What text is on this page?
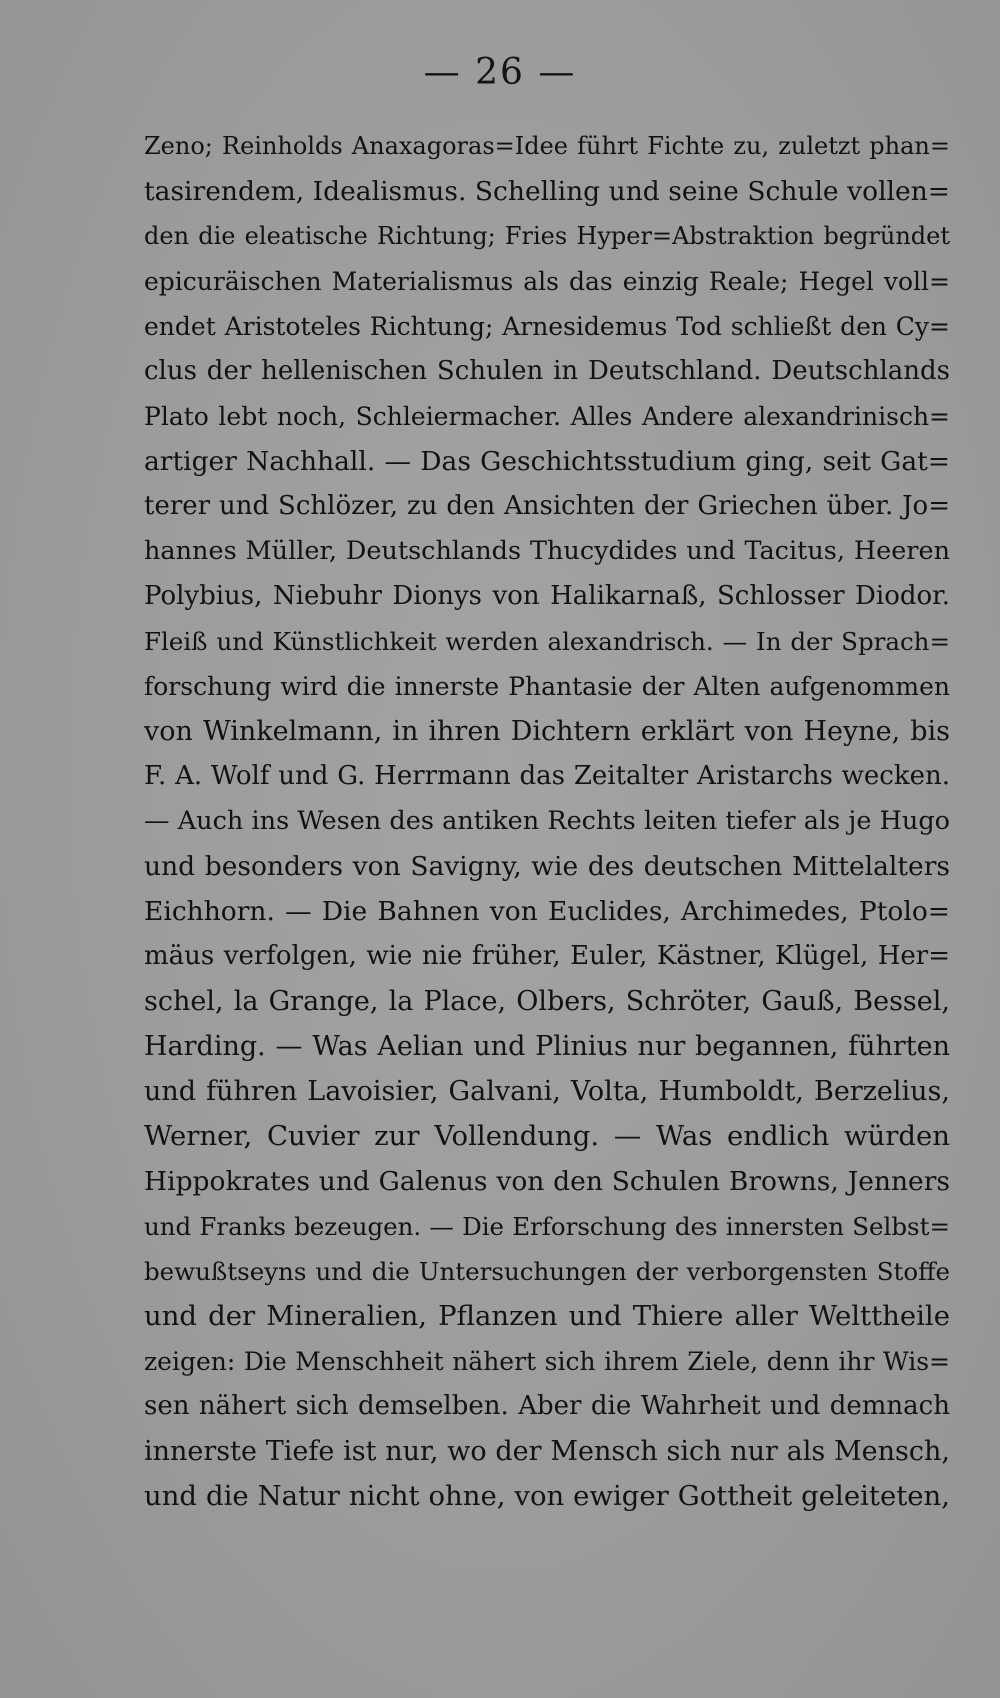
— 26 —
Zeno; Reinholds Anaxagoras=Idee führt Fichte zu, zuletzt phan=
tasirendem, Idealismus. Schelling und seine Schule vollen=
den die eleatische Richtung; Fries Hyper=Abstraktion begründet
epicuräischen Materialismus als das einzig Reale; Hegel voll=
endet Aristoteles Richtung; Arnesidemus Tod schließt den Cy=
clus der hellenischen Schulen in Deutschland. Deutschlands
Plato lebt noch, Schleiermacher. Alles Andere alexandrinisch=
artiger Nachhall. — Das Geschichtsstudium ging, seit Gat=
terer und Schlözer, zu den Ansichten der Griechen über. Jo=
hannes Müller, Deutschlands Thucydides und Tacitus, Heeren
Polybius, Niebuhr Dionys von Halikarnaß, Schlosser Diodor.
Fleiß und Künstlichkeit werden alexandrisch. — In der Sprach=
forschung wird die innerste Phantasie der Alten aufgenommen
von Winkelmann, in ihren Dichtern erklärt von Heyne, bis
F. A. Wolf und G. Herrmann das Zeitalter Aristarchs wecken.
— Auch ins Wesen des antiken Rechts leiten tiefer als je Hugo
und besonders von Savigny, wie des deutschen Mittelalters
Eichhorn. — Die Bahnen von Euclides, Archimedes, Ptolo=
mäus verfolgen, wie nie früher, Euler, Kästner, Klügel, Her=
schel, la Grange, la Place, Olbers, Schröter, Gauß, Bessel,
Harding. — Was Aelian und Plinius nur begannen, führten
und führen Lavoisier, Galvani, Volta, Humboldt, Berzelius,
Werner, Cuvier zur Vollendung. — Was endlich würden
Hippokrates und Galenus von den Schulen Browns, Jenners
und Franks bezeugen. — Die Erforschung des innersten Selbst=
bewußtseyns und die Untersuchungen der verborgensten Stoffe
und der Mineralien, Pflanzen und Thiere aller Welttheile
zeigen: Die Menschheit nähert sich ihrem Ziele, denn ihr Wis=
sen nähert sich demselben. Aber die Wahrheit und demnach
innerste Tiefe ist nur, wo der Mensch sich nur als Mensch,
und die Natur nicht ohne, von ewiger Gottheit geleiteten,
